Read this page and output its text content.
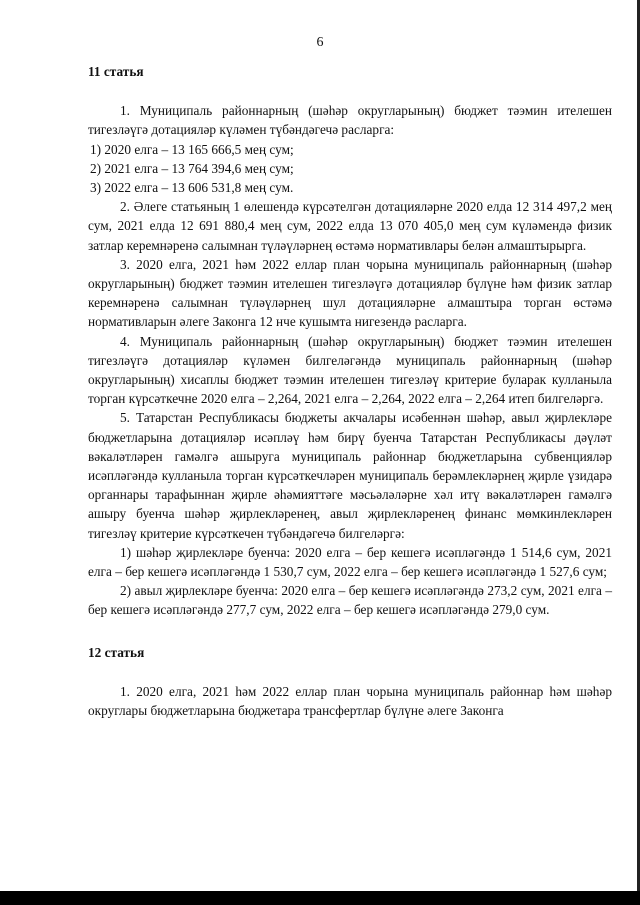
6
11 статья

1. Муниципаль районнарның (шәһәр округларының) бюджет тәэмин ителешен тигезләүгә дотацияләр күләмен түбәндәгечә расларга:

1) 2020 елга – 13 165 666,5 мең сум;

2) 2021 елга – 13 764 394,6 мең сум;

3) 2022 елга – 13 606 531,8 мең сум.

2. Әлеге статьяның 1 өлешендә күрсәтелгән дотацияләрне 2020 елда 12 314 497,2 мең сум, 2021 елда 12 691 880,4 мең сум, 2022 елда 13 070 405,0 мең сум күләмендә физик затлар керемнәренә салымнан түләүләрнең өстәмә нормативлары белән алмаштырырга.

3. 2020 елга, 2021 һәм 2022 еллар план чорына муниципаль районнарның (шәһәр округларының) бюджет тәэмин ителешен тигезләүгә дотацияләр бүлүне һәм физик затлар керемнәренә салымнан түләүләрнең шул дотацияләрне алмаштыра торган өстәмә нормативларын әлеге Законга 12 нче кушымта нигезендә расларга.

4. Муниципаль районнарның (шәһәр округларының) бюджет тәэмин ителешен тигезләүгә дотацияләр күләмен билгеләгәндә муниципаль районнарның (шәһәр округларының) хисаплы бюджет тәэмин ителешен тигезләү критерие буларак кулланыла торган күрсәткечне 2020 елга – 2,264, 2021 елга – 2,264, 2022 елга – 2,264 итеп билгеләргә.

5. Татарстан Республикасы бюджеты акчалары исәбеннән шәһәр, авыл җирлекләре бюджетларына дотацияләр исәпләү һәм бирү буенча Татарстан Республикасы дәүләт вәкаләтләрен гамәлгә ашыруга муниципаль районнар бюджетларына субвенцияләр исәпләгәндә кулланыла торган күрсәткечләрен муниципаль берәмлекләрнең җирле үзидарә органнары тарафыннан җирле әһәмияттәге мәсьәләләрне хәл итү вәкаләтләрен гамәлгә ашыру буенча шәһәр җирлекләренең, авыл җирлекләренең финанс мөмкинлекләрен тигезләү критерие күрсәткечен түбәндәгечә билгеләргә:

1) шәһәр җирлекләре буенча: 2020 елга – бер кешегә исәпләгәндә 1 514,6 сум, 2021 елга – бер кешегә исәпләгәндә 1 530,7 сум, 2022 елга – бер кешегә исәпләгәндә 1 527,6 сум;

2) авыл җирлекләре буенча: 2020 елга – бер кешегә исәпләгәндә 273,2 сум, 2021 елга – бер кешегә исәпләгәндә 277,7 сум, 2022 елга – бер кешегә исәпләгәндә 279,0 сум.

12 статья

1. 2020 елга, 2021 һәм 2022 еллар план чорына муниципаль районнар һәм шәһәр округлары бюджетларына бюджетара трансфертлар бүлүне әлеге Законга
